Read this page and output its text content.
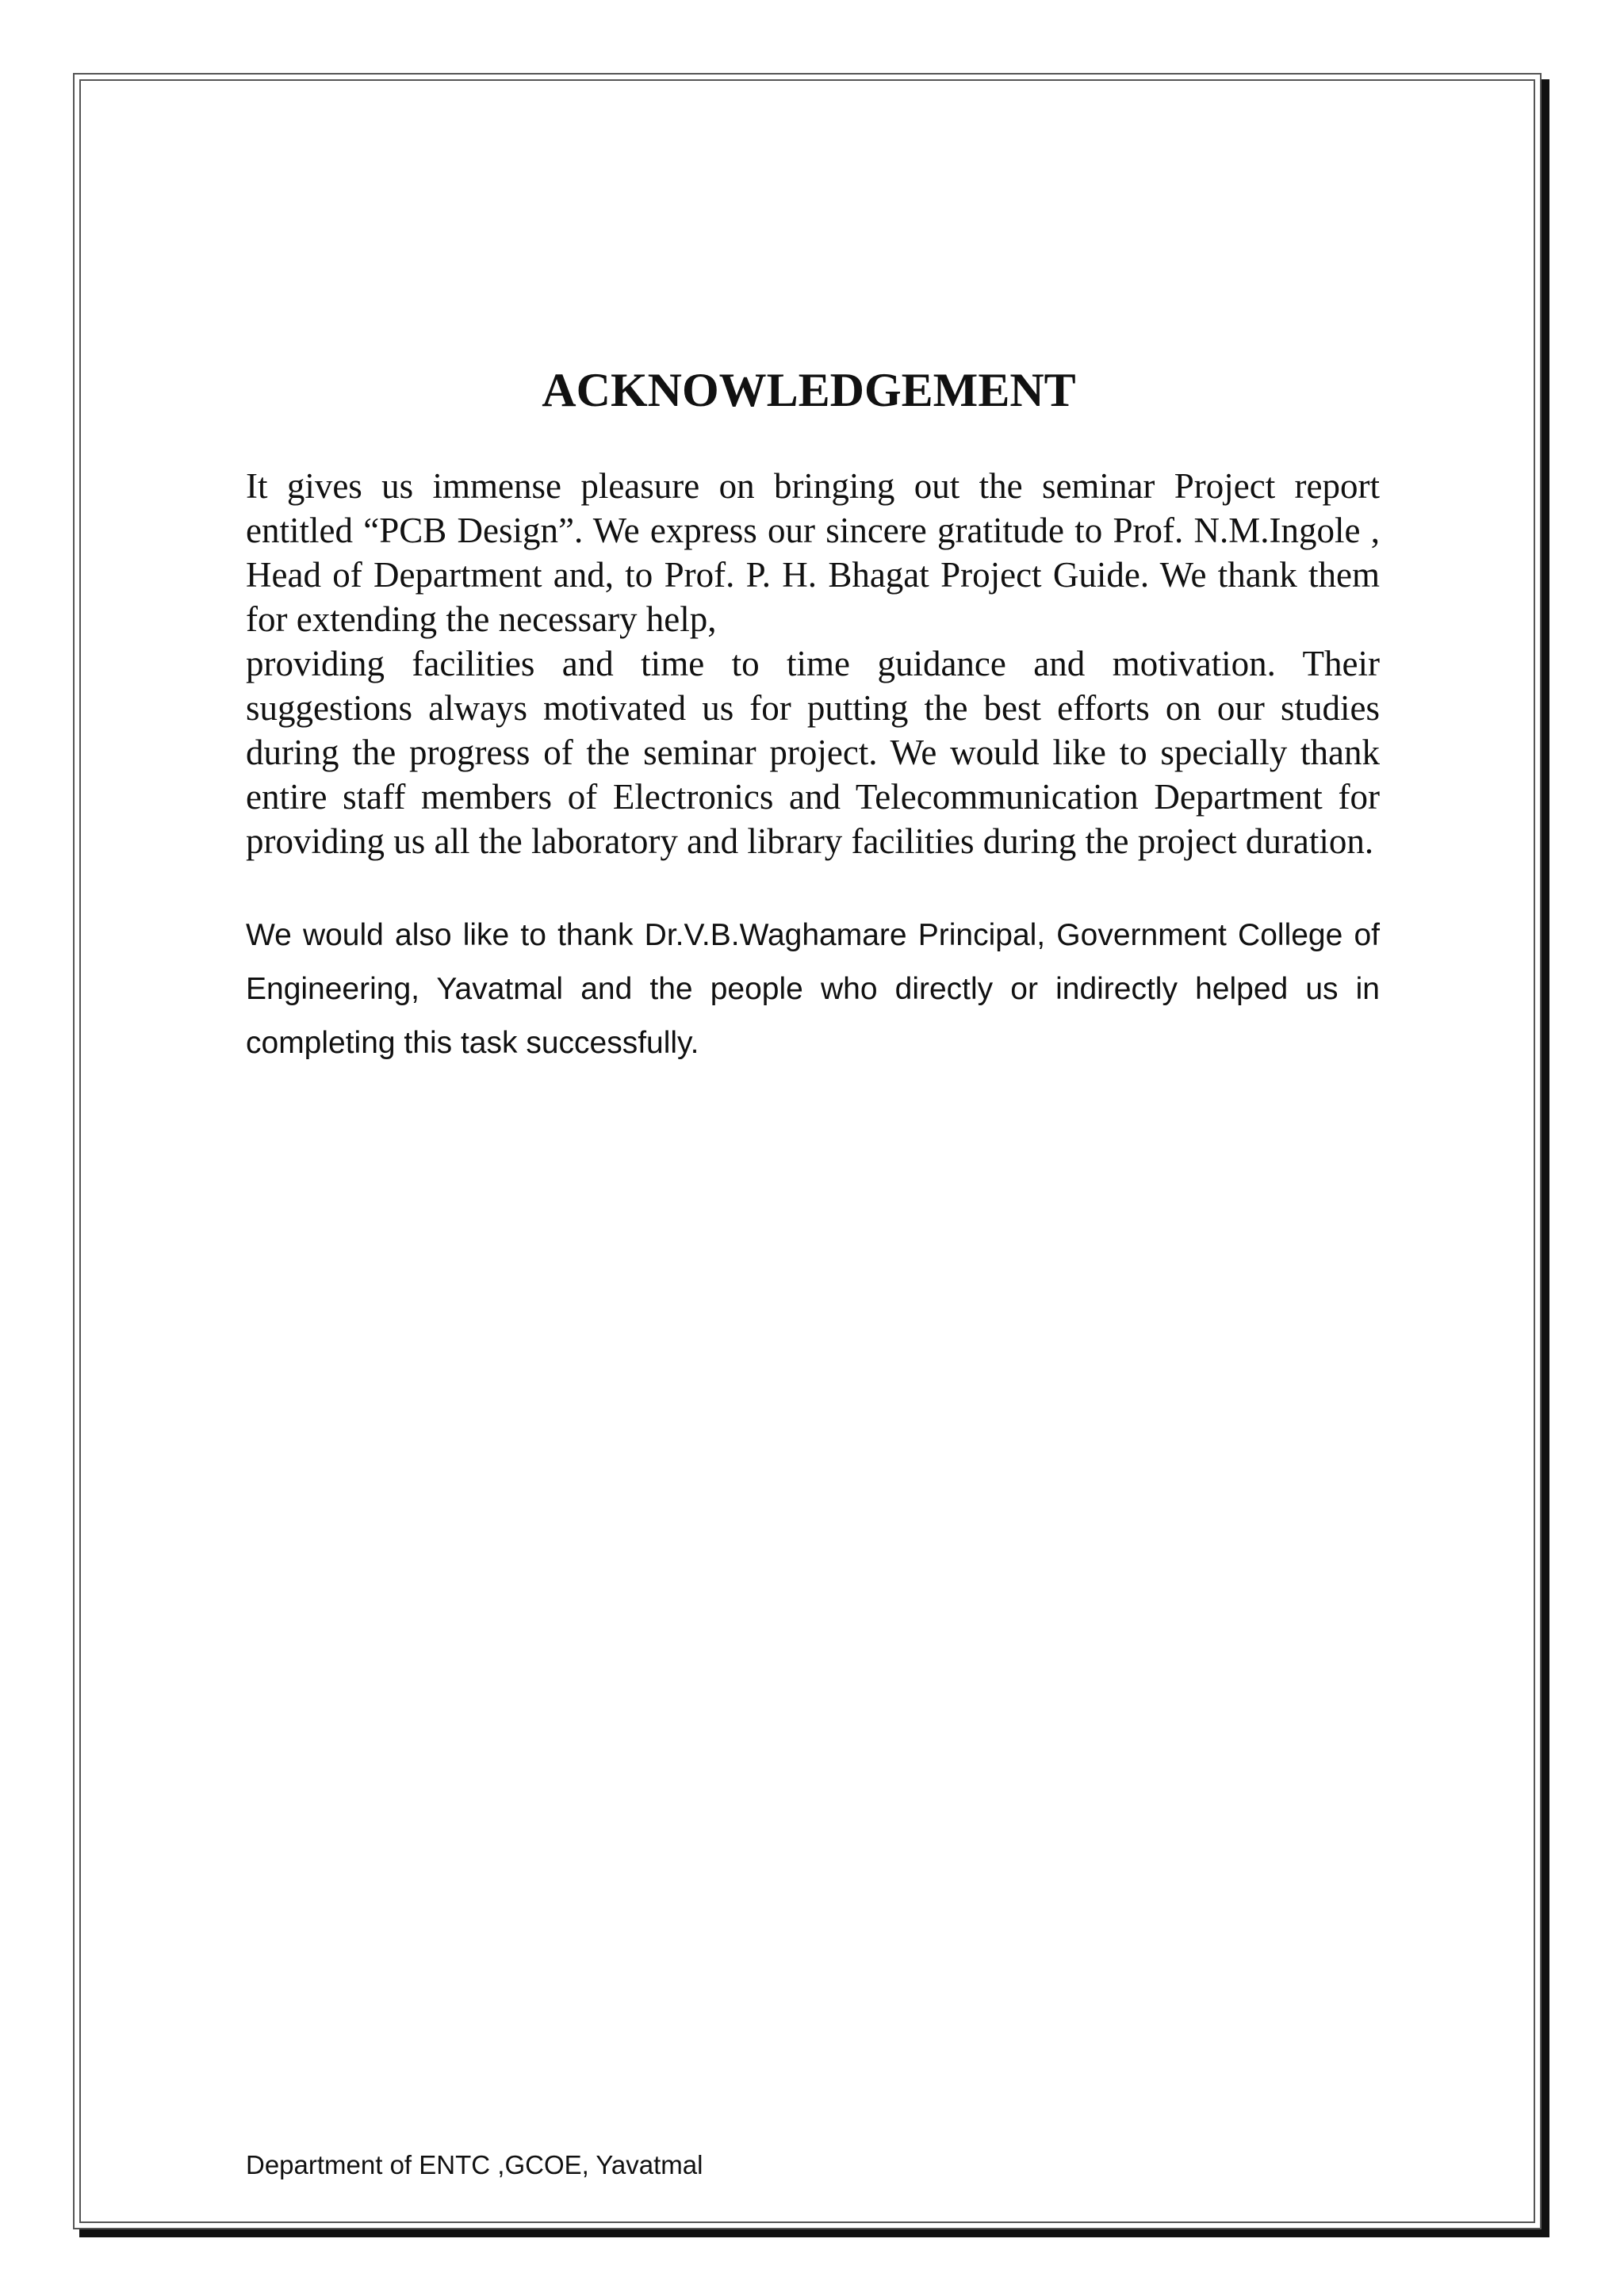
ACKNOWLEDGEMENT

It gives us immense pleasure on bringing out the seminar Project report entitled “PCB Design”. We express our sincere gratitude to Prof. N.M.Ingole , Head of Department and, to Prof. P. H. Bhagat Project Guide. We thank them for extending the necessary help,

providing facilities and time to time guidance and motivation. Their suggestions always motivated us for putting the best efforts on our studies during the progress of the seminar project. We would like to specially thank entire staff members of Electronics and Telecommunication Department for providing us all the laboratory and library facilities during the project duration.

We would also like to thank Dr.V.B.Waghamare Principal, Government College of Engineering, Yavatmal and the people who directly or indirectly helped us in completing this task successfully.

Department of ENTC ,GCOE, Yavatmal
